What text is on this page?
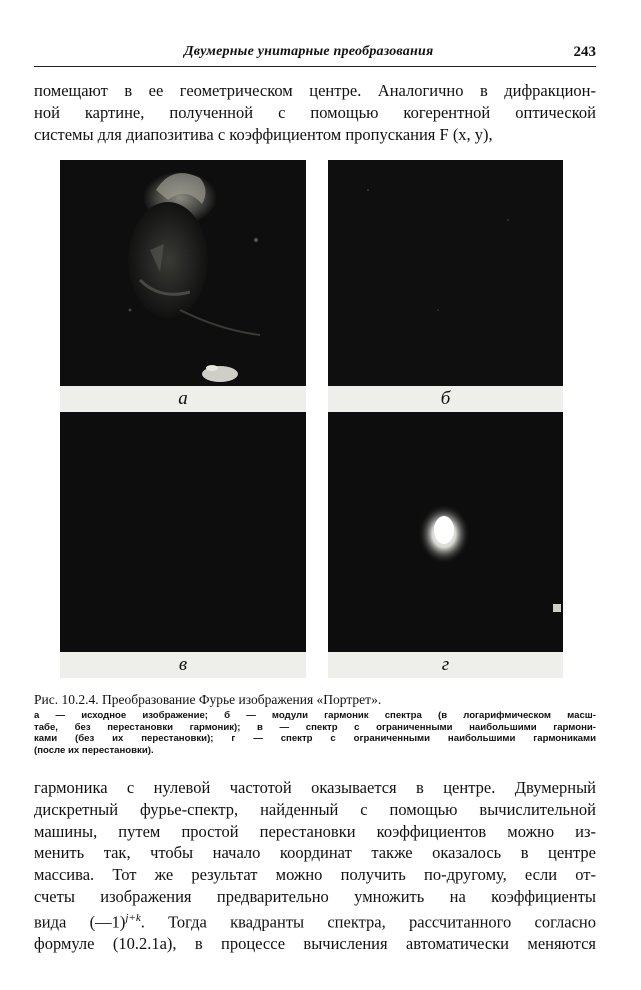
Двумерные унитарные преобразования	243
помещают в ее геометрическом центре. Аналогично в дифракцион-
ной картине, полученной с помощью когерентной оптической
системы для диапозитива с коэффициентом пропускания F (x, y),
а	б
в	г
Рис. 10.2.4. Преобразование Фурье изображения «Портрет».
а — исходное изображение; б — модули гармоник спектра (в логарифмическом масш-
табе, без перестановки гармоник); в — спектр с ограниченными наибольшими гармони-
ками (без их перестановки); г — спектр с ограниченными наибольшими гармониками
(после их перестановки).
гармоника с нулевой частотой оказывается в центре. Двумерный
дискретный фурье-спектр, найденный с помощью вычислительной
машины, путем простой перестановки коэффициентов можно из-
менить так, чтобы начало координат также оказалось в центре
массива. Тот же результат можно получить по-другому, если от-
счеты изображения предварительно умножить на коэффициенты
вида (—1)$^{j+k}$. Тогда квадранты спектра, рассчитанного согласно
формуле (10.2.1a), в процессе вычисления автоматически меняются
